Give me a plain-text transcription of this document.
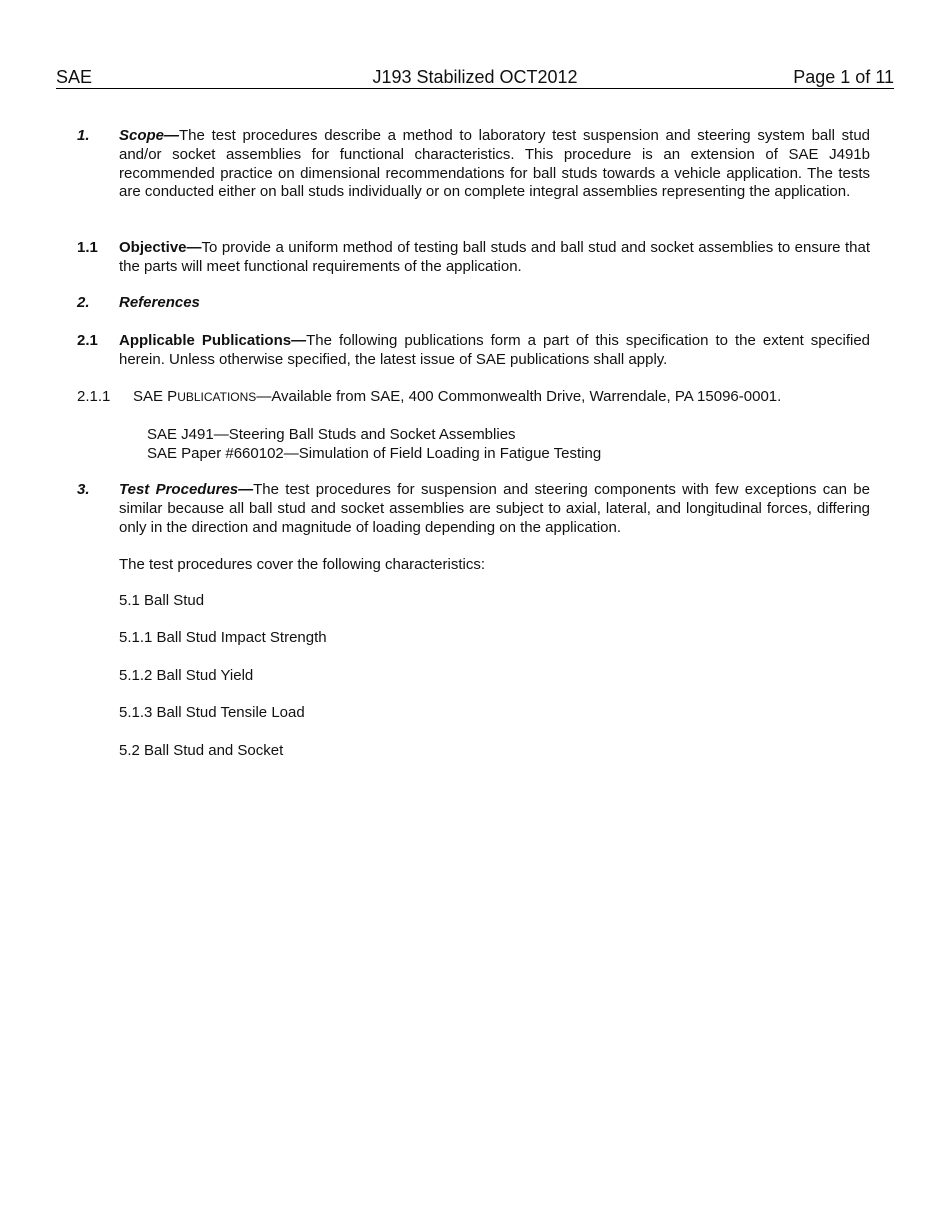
SAE	J193 Stabilized OCT2012	Page 1 of 11
1. Scope—The test procedures describe a method to laboratory test suspension and steering system ball stud and/or socket assemblies for functional characteristics. This procedure is an extension of SAE J491b recommended practice on dimensional recommendations for ball studs towards a vehicle application. The tests are conducted either on ball studs individually or on complete integral assemblies representing the application.
1.1 Objective—To provide a uniform method of testing ball studs and ball stud and socket assemblies to ensure that the parts will meet functional requirements of the application.
2. References
2.1 Applicable Publications—The following publications form a part of this specification to the extent specified herein. Unless otherwise specified, the latest issue of SAE publications shall apply.
2.1.1 SAE PUBLICATIONS—Available from SAE, 400 Commonwealth Drive, Warrendale, PA 15096-0001.
SAE J491—Steering Ball Studs and Socket Assemblies
SAE Paper #660102—Simulation of Field Loading in Fatigue Testing
3. Test Procedures—The test procedures for suspension and steering components with few exceptions can be similar because all ball stud and socket assemblies are subject to axial, lateral, and longitudinal forces, differing only in the direction and magnitude of loading depending on the application.
The test procedures cover the following characteristics:
5.1 Ball Stud
5.1.1 Ball Stud Impact Strength
5.1.2 Ball Stud Yield
5.1.3 Ball Stud Tensile Load
5.2 Ball Stud and Socket
